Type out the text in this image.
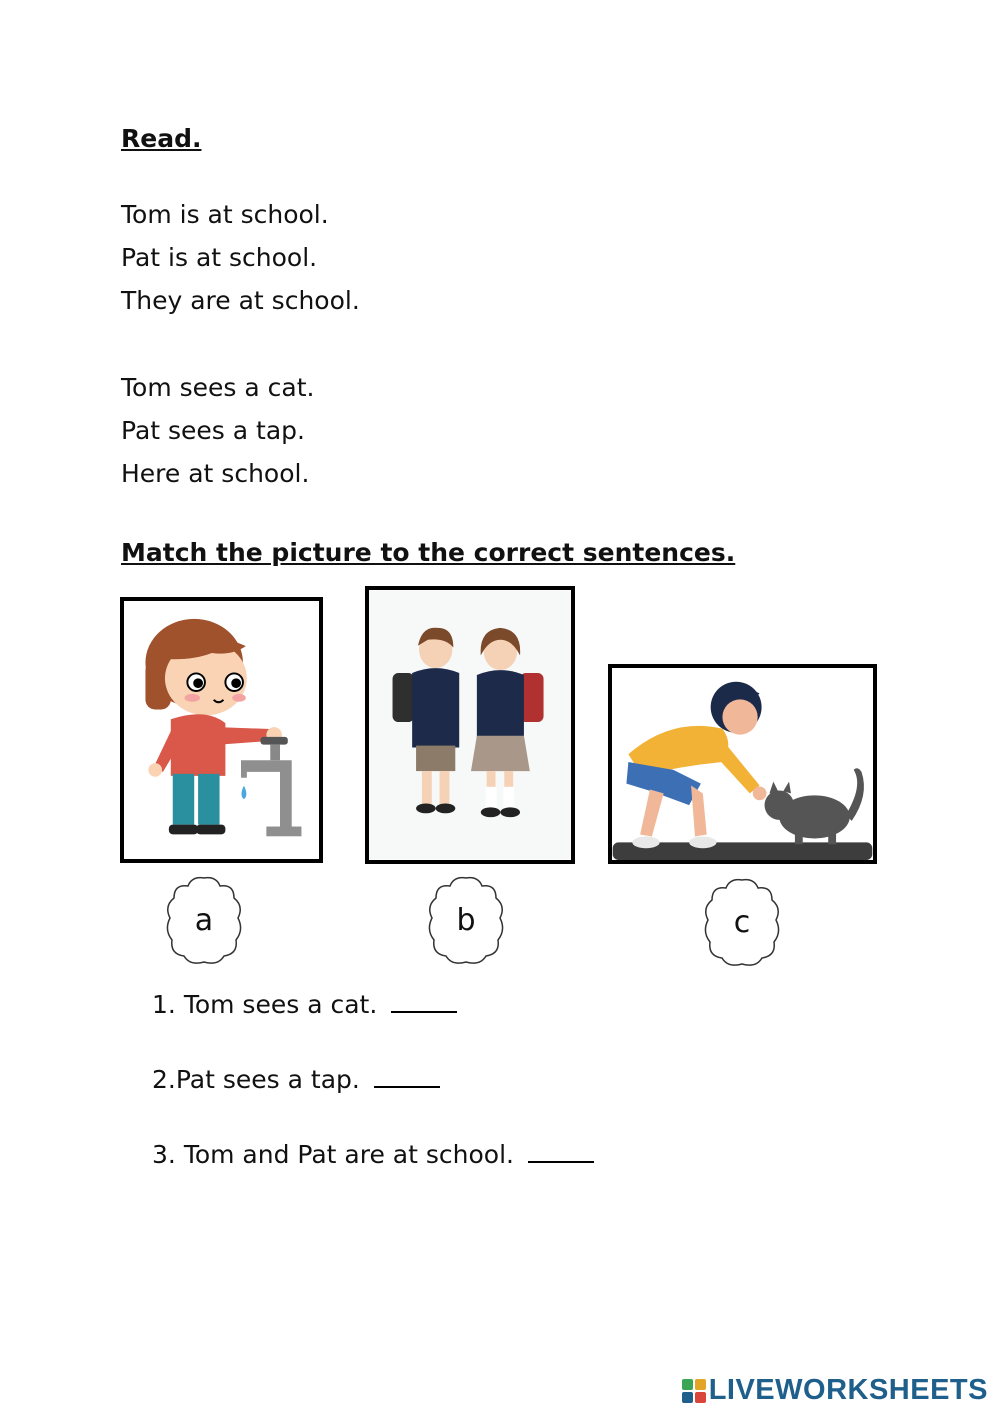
Read.
Tom is at school.
Pat is at school.
They are at school.
Tom sees a cat.
Pat sees a tap.
Here at school.
Match the picture to the correct sentences.
a	b	c
1. Tom sees a cat.
2.Pat sees a tap.
3. Tom and Pat are at school.
LIVEWORKSHEETS
